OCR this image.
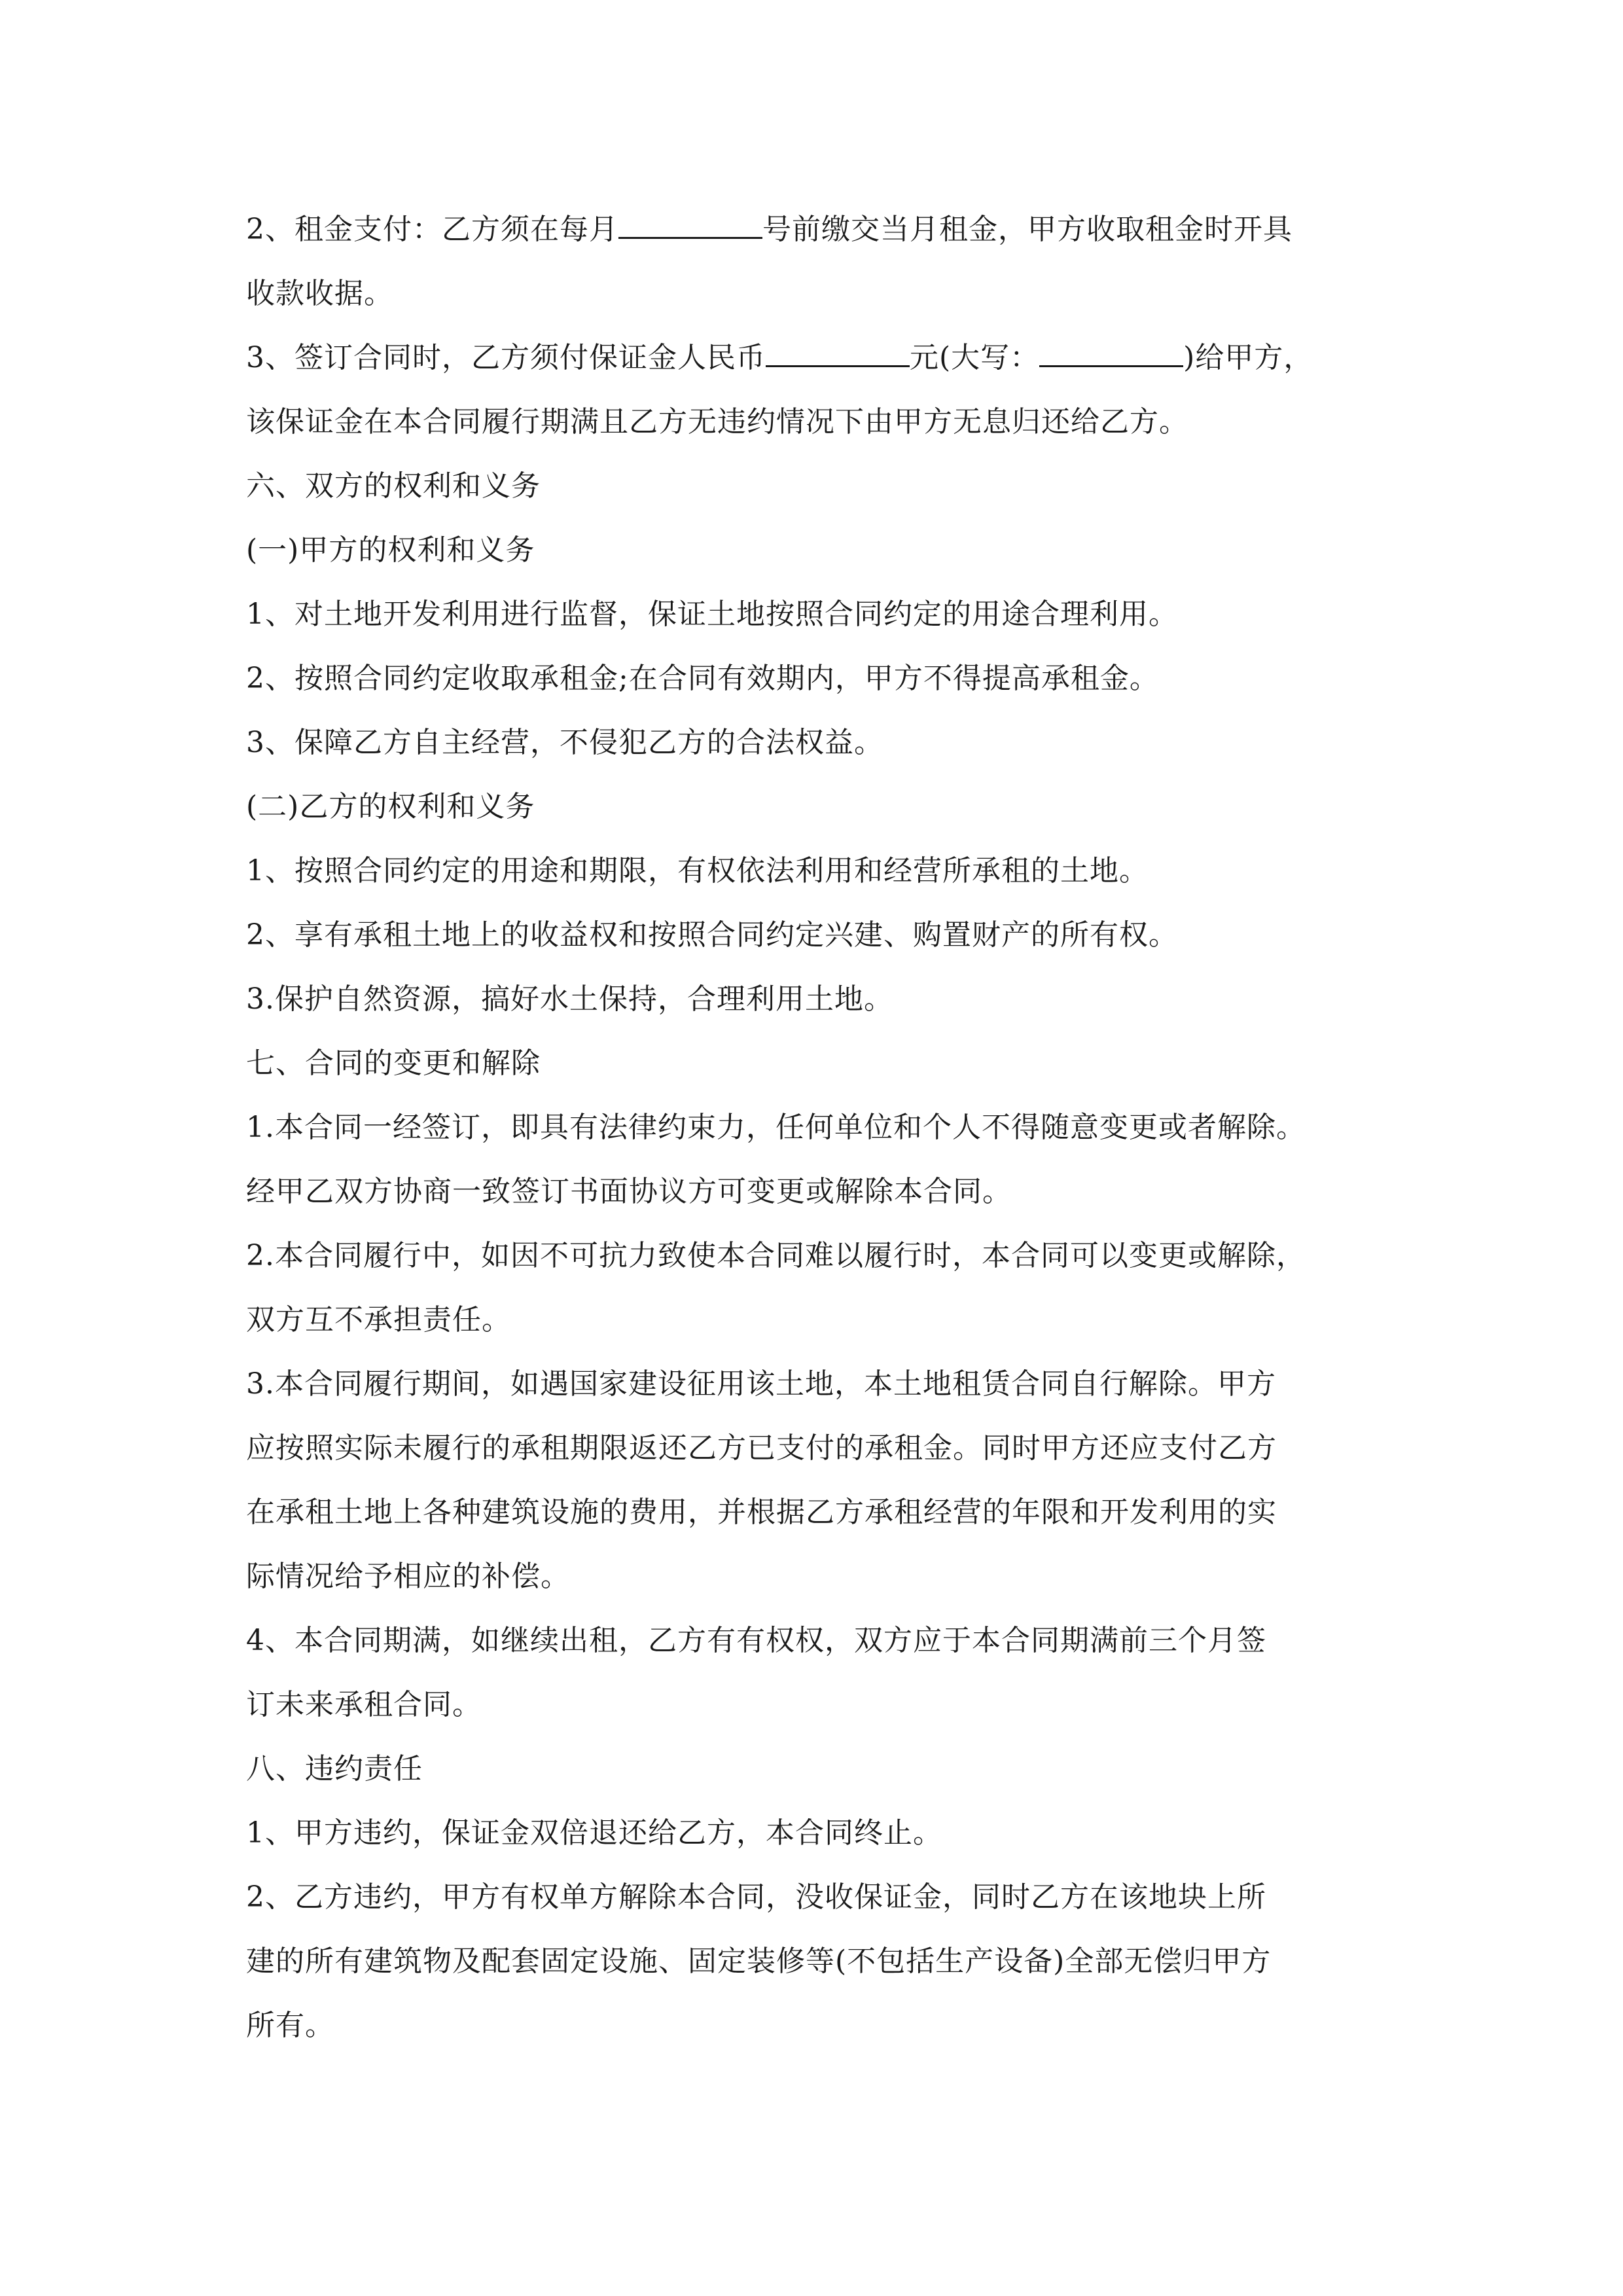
2、租金支付：乙方须在每月	号前缴交当月租金，甲方收取租金时开具
收款收据。
3、签订合同时，乙方须付保证金人民币	元(大写：	)给甲方，
该保证金在本合同履行期满且乙方无违约情况下由甲方无息归还给乙方。
六、双方的权利和义务
(一)甲方的权利和义务
1、对土地开发利用进行监督，保证土地按照合同约定的用途合理利用。
2、按照合同约定收取承租金;在合同有效期内，甲方不得提高承租金。
3、保障乙方自主经营，不侵犯乙方的合法权益。
(二)乙方的权利和义务
1、按照合同约定的用途和期限，有权依法利用和经营所承租的土地。
2、享有承租土地上的收益权和按照合同约定兴建、购置财产的所有权。
3.保护自然资源，搞好水土保持，合理利用土地。
七、合同的变更和解除
1.本合同一经签订，即具有法律约束力，任何单位和个人不得随意变更或者解除。
经甲乙双方协商一致签订书面协议方可变更或解除本合同。
2.本合同履行中，如因不可抗力致使本合同难以履行时，本合同可以变更或解除，
双方互不承担责任。
3.本合同履行期间，如遇国家建设征用该土地，本土地租赁合同自行解除。甲方
应按照实际未履行的承租期限返还乙方已支付的承租金。同时甲方还应支付乙方
在承租土地上各种建筑设施的费用，并根据乙方承租经营的年限和开发利用的实
际情况给予相应的补偿。
4、本合同期满，如继续出租，乙方有有权权，双方应于本合同期满前三个月签
订未来承租合同。
八、违约责任
1、甲方违约，保证金双倍退还给乙方，本合同终止。
2、乙方违约，甲方有权单方解除本合同，没收保证金，同时乙方在该地块上所
建的所有建筑物及配套固定设施、固定装修等(不包括生产设备)全部无偿归甲方
所有。
